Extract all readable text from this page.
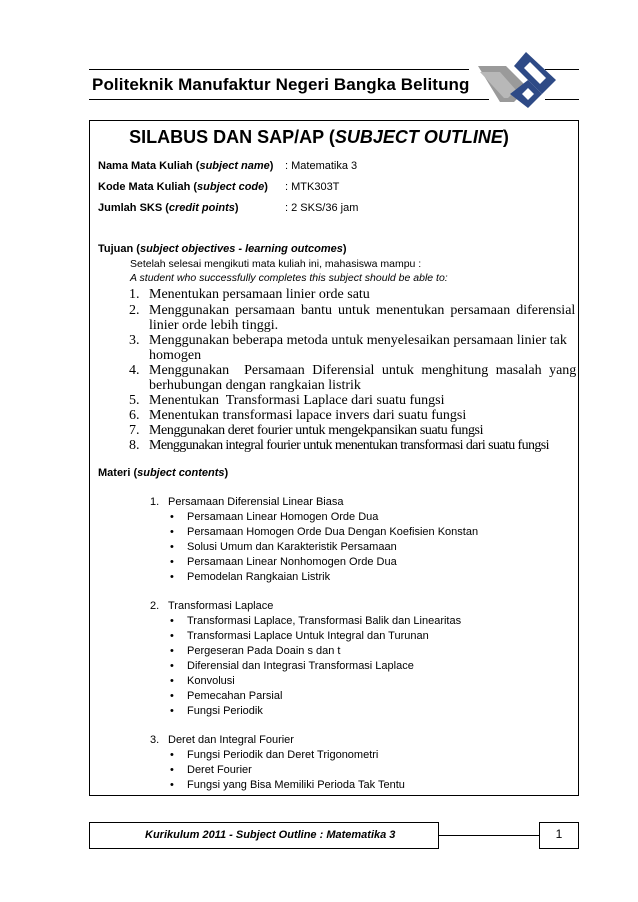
Politeknik Manufaktur Negeri Bangka Belitung
SILABUS DAN SAP/AP (SUBJECT OUTLINE)
Nama Mata Kuliah (subject name) : Matematika 3
Kode Mata Kuliah (subject code) : MTK303T
Jumlah SKS (credit points)	: 2 SKS/36 jam
Tujuan (subject objectives - learning outcomes)
Setelah selesai mengikuti mata kuliah ini, mahasiswa mampu :
A student who successfully completes this subject should be able to:
1. Menentukan persamaan linier orde satu
2. Menggunakan persamaan bantu untuk menentukan persamaan diferensial
linier orde lebih tinggi.
3. Menggunakan beberapa metoda untuk menyelesaikan persamaan linier tak
homogen
4. Menggunakan  Persamaan Diferensial untuk menghitung masalah yang
berhubungan dengan rangkaian listrik
5. Menentukan  Transformasi Laplace dari suatu fungsi
6. Menentukan transformasi lapace invers dari suatu fungsi
7. Menggunakan deret fourier untuk mengekpansikan suatu fungsi
8. Menggunakan integral fourier untuk menentukan transformasi dari suatu fungsi
Materi (subject contents)
1. Persamaan Diferensial Linear Biasa
• Persamaan Linear Homogen Orde Dua
• Persamaan Homogen Orde Dua Dengan Koefisien Konstan
• Solusi Umum dan Karakteristik Persamaan
• Persamaan Linear Nonhomogen Orde Dua
• Pemodelan Rangkaian Listrik
2. Transformasi Laplace
• Transformasi Laplace, Transformasi Balik dan Linearitas
• Transformasi Laplace Untuk Integral dan Turunan
• Pergeseran Pada Doain s dan t
• Diferensial dan Integrasi Transformasi Laplace
• Konvolusi
• Pemecahan Parsial
• Fungsi Periodik
3. Deret dan Integral Fourier
• Fungsi Periodik dan Deret Trigonometri
• Deret Fourier
• Fungsi yang Bisa Memiliki Perioda Tak Tentu
Kurikulum 2011 - Subject Outline : Matematika 3	1
